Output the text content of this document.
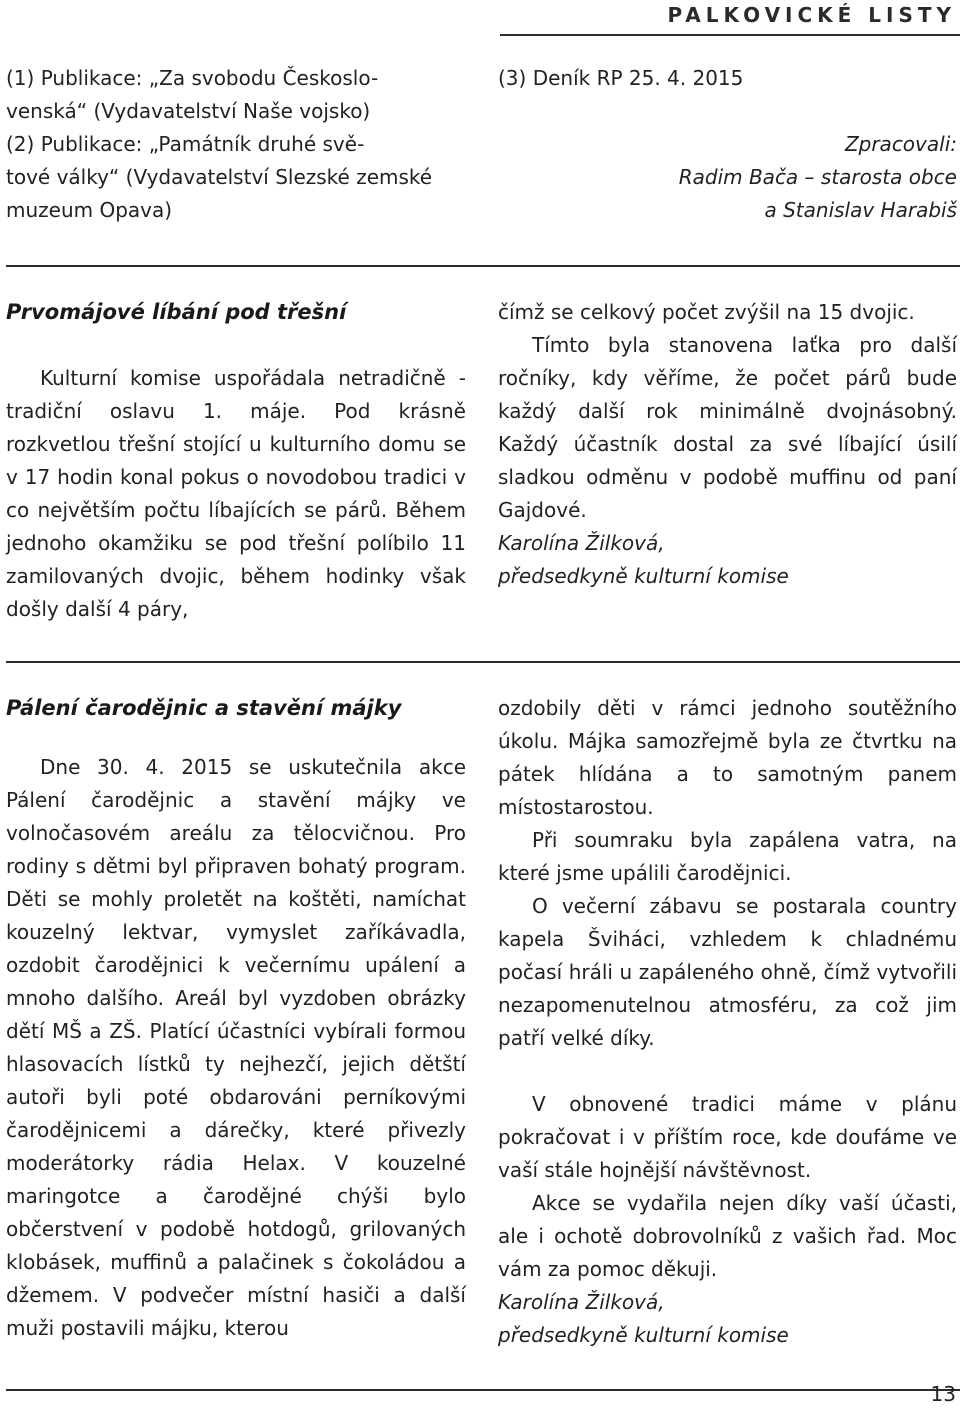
PALKOVICKÉ LISTY

(1) Publikace: „Za svobodu Českoslo-

venská“ (Vydavatelství Naše vojsko)

(2) Publikace: „Památník druhé svě-

tové války“ (Vydavatelství Slezské zemské

muzeum Opava)

(3) Deník RP 25. 4. 2015

Zpracovali:

Radim Bača – starosta obce

a Stanislav Harabiš

Prvomájové líbání pod třešní

Kulturní komise uspořádala netradičně - tradiční oslavu 1. máje. Pod krásně rozkvetlou třešní stojící u kulturního domu se v 17 hodin konal pokus o novodobou tradici v co největším počtu líbajících se párů. Během jednoho okamžiku se pod třešní políbilo 11 zamilovaných dvojic, během hodinky však došly další 4 páry,

čímž se celkový počet zvýšil na 15 dvojic.

Tímto byla stanovena laťka pro další ročníky, kdy věříme, že počet párů bude každý další rok minimálně dvojnásobný. Každý účastník dostal za své líbající úsilí sladkou odměnu v podobě muffinu od paní Gajdové.

Karolína Žilková,

předsedkyně kulturní komise

Pálení čarodějnic a stavění májky

Dne 30. 4. 2015 se uskutečnila akce Pálení čarodějnic a stavění májky ve volnočasovém areálu za tělocvičnou. Pro rodiny s dětmi byl připraven bohatý program. Děti se mohly proletět na koštěti, namíchat kouzelný lektvar, vymyslet zaříkávadla, ozdobit čarodějnici k večernímu upálení a mnoho dalšího. Areál byl vyzdoben obrázky dětí MŠ a ZŠ. Platící účastníci vybírali formou hlasovacích lístků ty nejhezčí, jejich dětští autoři byli poté obdarováni perníkovými čarodějnicemi a dárečky, které přivezly moderátorky rádia Helax. V kouzelné maringotce a čarodějné chýši bylo občerstvení v podobě hotdogů, grilovaných klobásek, muffinů a palačinek s čokoládou a džemem. V podvečer místní hasiči a další muži postavili májku, kterou

ozdobily děti v rámci jednoho soutěžního úkolu. Májka samozřejmě byla ze čtvrtku na pátek hlídána a to samotným panem místostarostou.

Při soumraku byla zapálena vatra, na které jsme upálili čarodějnici.

O večerní zábavu se postarala country kapela Šviháci, vzhledem k chladnému počasí hráli u zapáleného ohně, čímž vytvořili nezapomenutelnou atmosféru, za což jim patří velké díky.

V obnovené tradici máme v plánu pokračovat i v příštím roce, kde doufáme ve vaší stále hojnější návštěvnost.

Akce se vydařila nejen díky vaší účasti, ale i ochotě dobrovolníků z vašich řad. Moc vám za pomoc děkuji.

Karolína Žilková,

předsedkyně kulturní komise

13
